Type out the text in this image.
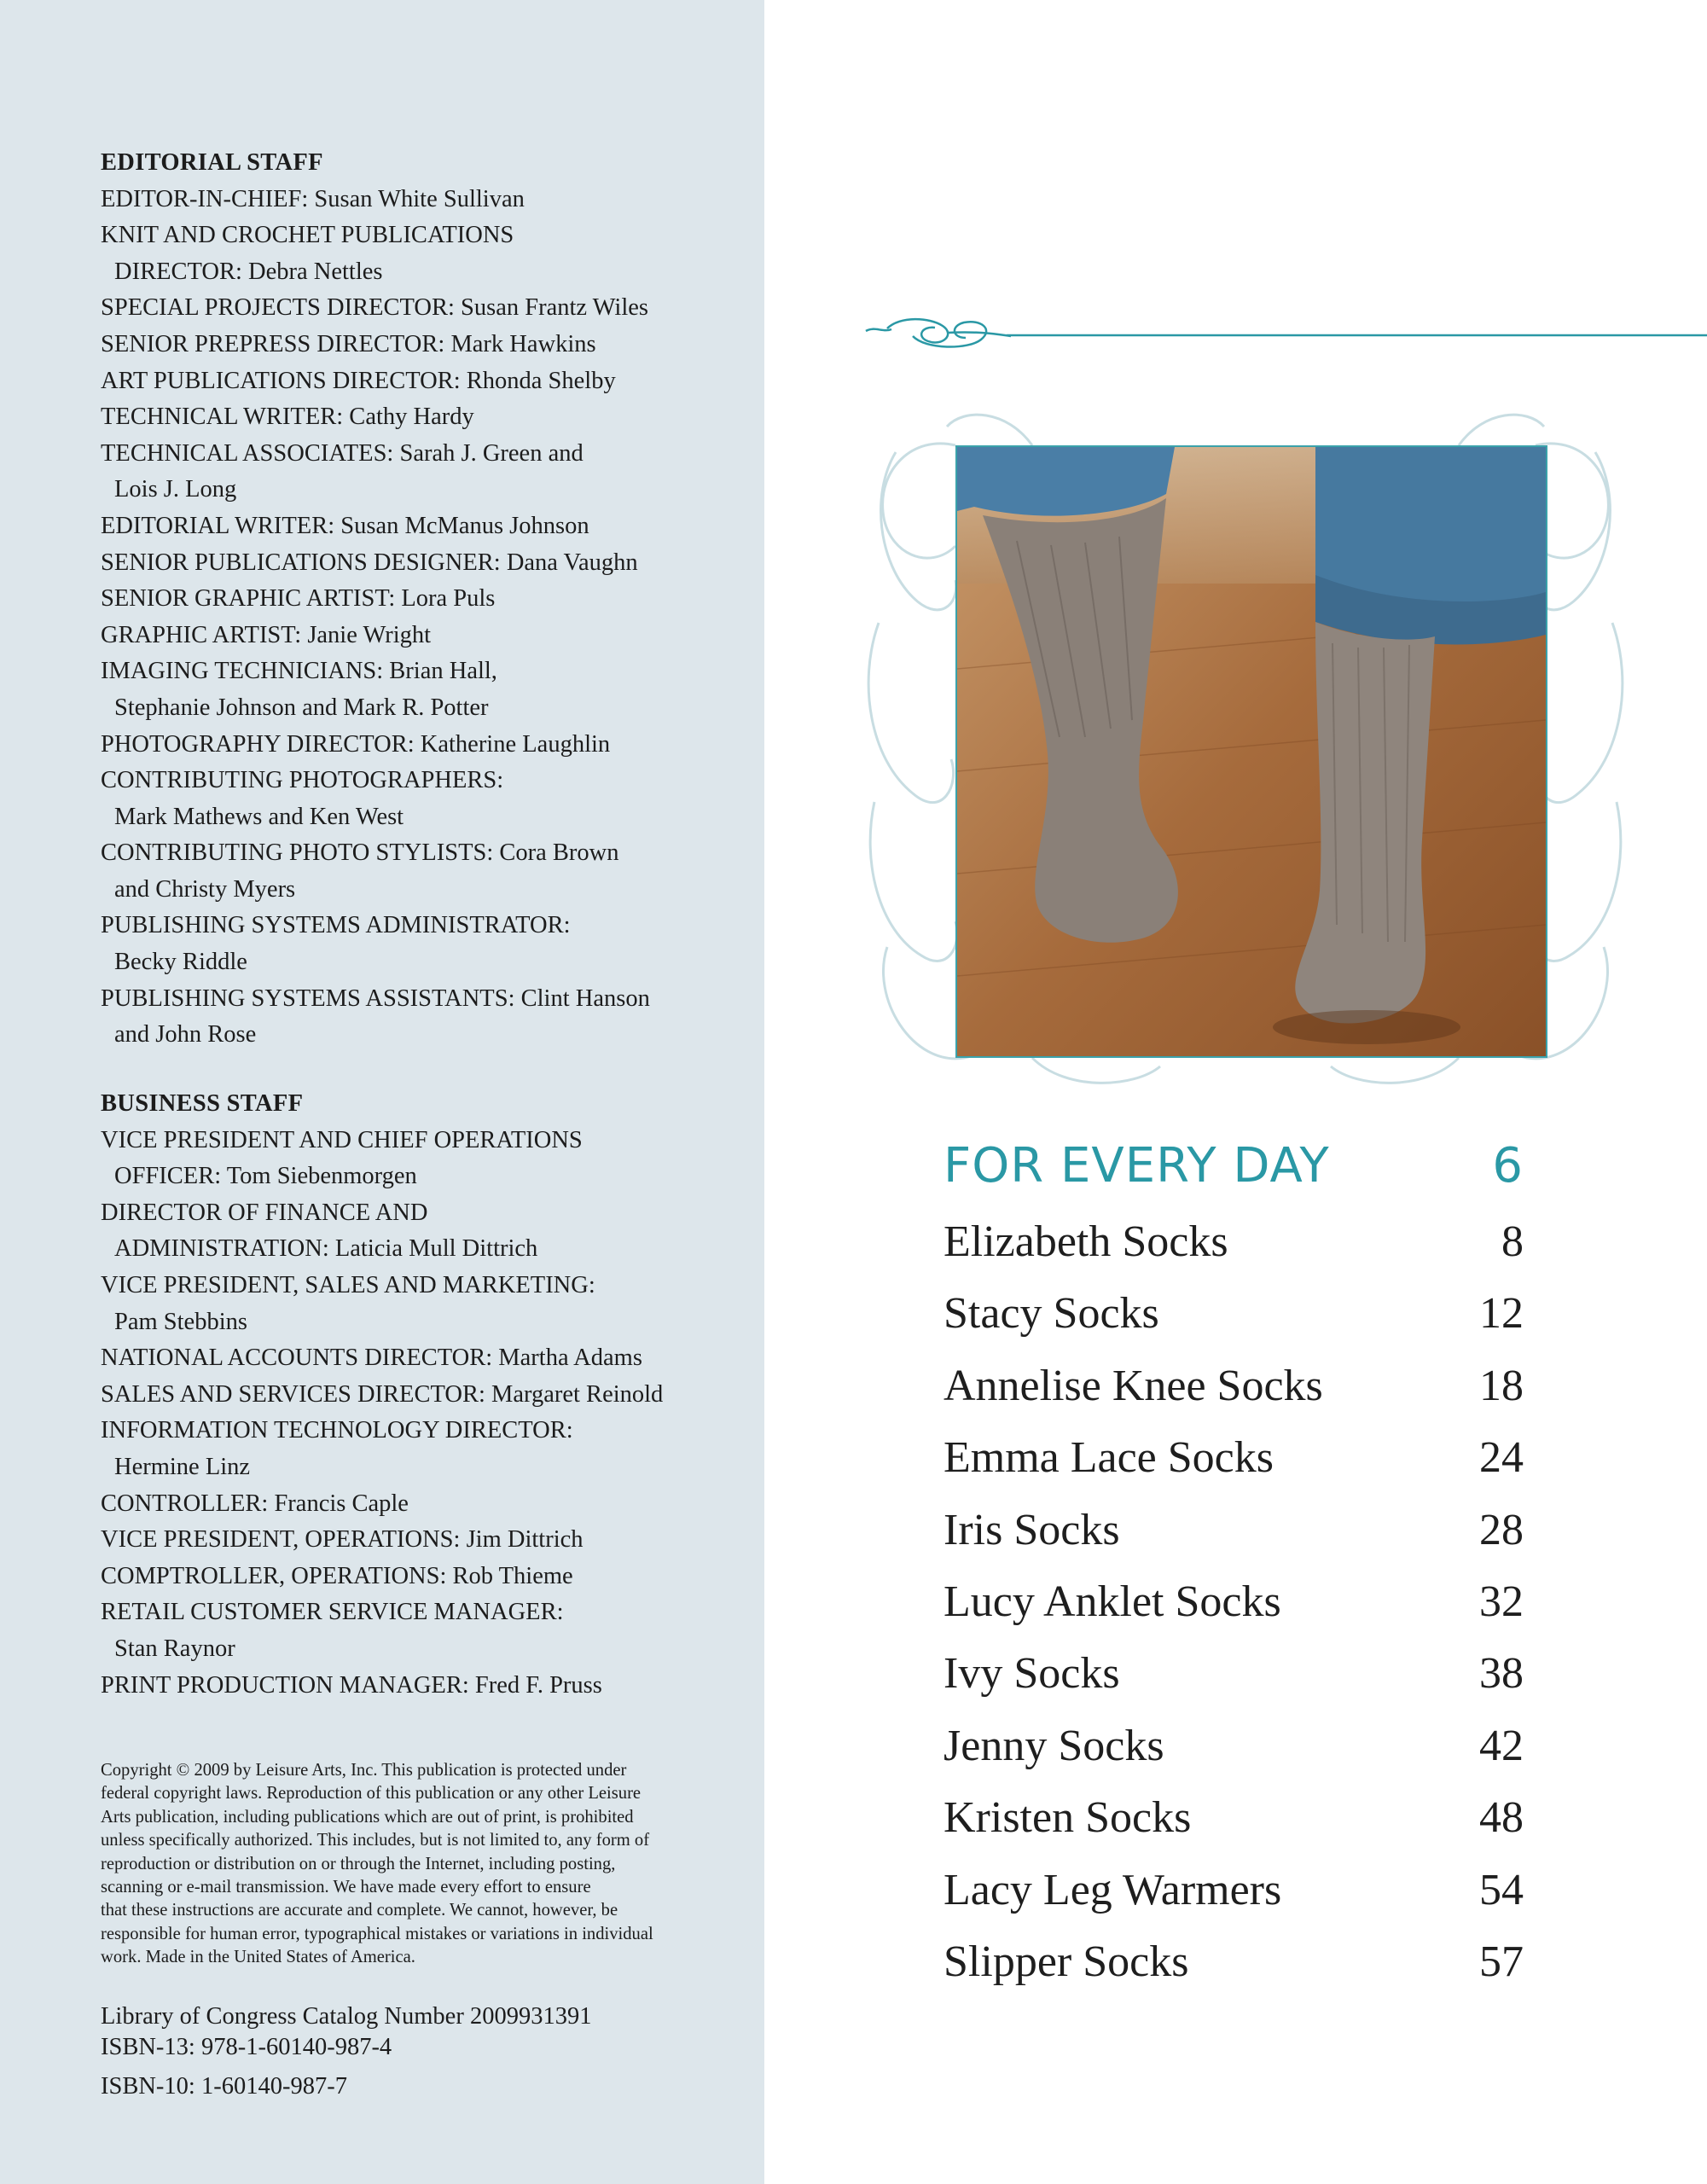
EDITORIAL STAFF
EDITOR-IN-CHIEF: Susan White Sullivan
KNIT AND CROCHET PUBLICATIONS
DIRECTOR: Debra Nettles
SPECIAL PROJECTS DIRECTOR: Susan Frantz Wiles
SENIOR PREPRESS DIRECTOR: Mark Hawkins
ART PUBLICATIONS DIRECTOR: Rhonda Shelby
TECHNICAL WRITER: Cathy Hardy
TECHNICAL ASSOCIATES: Sarah J. Green and
Lois J. Long
EDITORIAL WRITER: Susan McManus Johnson
SENIOR PUBLICATIONS DESIGNER: Dana Vaughn
SENIOR GRAPHIC ARTIST: Lora Puls
GRAPHIC ARTIST: Janie Wright
IMAGING TECHNICIANS: Brian Hall,
Stephanie Johnson and Mark R. Potter
PHOTOGRAPHY DIRECTOR: Katherine Laughlin
CONTRIBUTING PHOTOGRAPHERS:
Mark Mathews and Ken West
CONTRIBUTING PHOTO STYLISTS: Cora Brown
and Christy Myers
PUBLISHING SYSTEMS ADMINISTRATOR:
Becky Riddle
PUBLISHING SYSTEMS ASSISTANTS: Clint Hanson
and John Rose
BUSINESS STAFF
VICE PRESIDENT AND CHIEF OPERATIONS
OFFICER: Tom Siebenmorgen
DIRECTOR OF FINANCE AND
ADMINISTRATION: Laticia Mull Dittrich
VICE PRESIDENT, SALES AND MARKETING:
Pam Stebbins
NATIONAL ACCOUNTS DIRECTOR: Martha Adams
SALES AND SERVICES DIRECTOR: Margaret Reinold
INFORMATION TECHNOLOGY DIRECTOR:
Hermine Linz
CONTROLLER: Francis Caple
VICE PRESIDENT, OPERATIONS: Jim Dittrich
COMPTROLLER, OPERATIONS: Rob Thieme
RETAIL CUSTOMER SERVICE MANAGER:
Stan Raynor
PRINT PRODUCTION MANAGER: Fred F. Pruss
Copyright © 2009 by Leisure Arts, Inc. This publication is protected under
federal copyright laws. Reproduction of this publication or any other Leisure
Arts publication, including publications which are out of print, is prohibited
unless specifically authorized. This includes, but is not limited to, any form of
reproduction or distribution on or through the Internet, including posting,
scanning or e-mail transmission. We have made every effort to ensure
that these instructions are accurate and complete. We cannot, however, be
responsible for human error, typographical mistakes or variations in individual
work. Made in the United States of America.
Library of Congress Catalog Number 2009931391
ISBN-13: 978-1-60140-987-4
ISBN-10: 1-60140-987-7
FOR EVERY DAY	6
Elizabeth Socks	8
Stacy Socks	12
Annelise Knee Socks	18
Emma Lace Socks	24
Iris Socks	28
Lucy Anklet Socks	32
Ivy Socks	38
Jenny Socks	42
Kristen Socks	48
Lacy Leg Warmers	54
Slipper Socks	57
